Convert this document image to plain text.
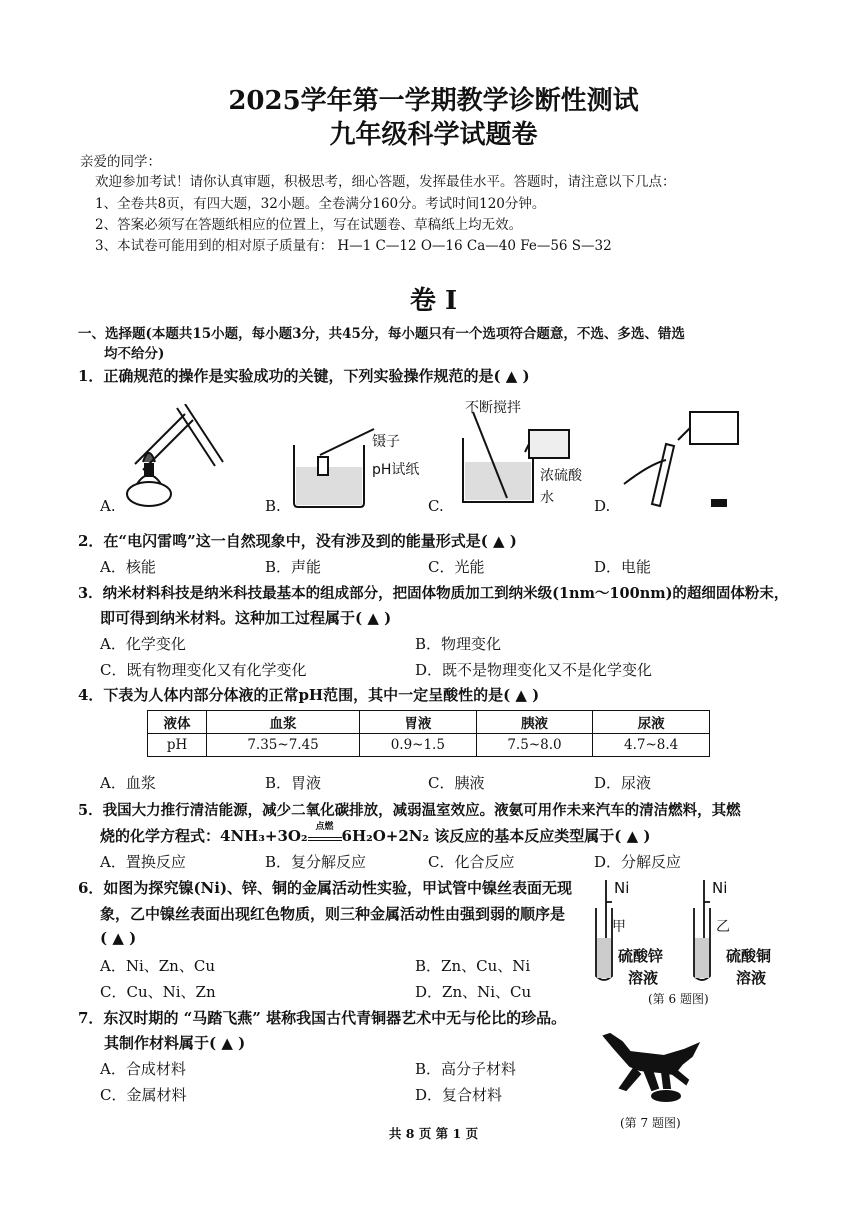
2025学年第一学期教学诊断性测试
九年级科学试题卷
亲爱的同学：
欢迎参加考试！请你认真审题，积极思考，细心答题，发挥最佳水平。答题时，请注意以下几点：
1、全卷共8页，有四大题，32小题。全卷满分160分。考试时间120分钟。
2、答案必须写在答题纸相应的位置上，写在试题卷、草稿纸上均无效。
3、本试卷可能用到的相对原子质量有： H—1 C—12 O—16 Ca—40 Fe—56 S—32
卷 I
一、选择题(本题共15小题，每小题3分，共45分，每小题只有一个选项符合题意，不选、多选、错选
均不给分)
1．正确规范的操作是实验成功的关键，下列实验操作规范的是( ▲ )
A.
镊子
pH试纸
B.
不断搅拌
浓硫酸
水
C.	D.
2．在“电闪雷鸣”这一自然现象中，没有涉及到的能量形式是( ▲ )
A．核能	B．声能	C．光能	D．电能
3．纳米材料科技是纳米科技最基本的组成部分，把固体物质加工到纳米级(1nm～100nm)的超细固体粉末，
即可得到纳米材料。这种加工过程属于( ▲ )
A．化学变化	B．物理变化
C．既有物理变化又有化学变化	D．既不是物理变化又不是化学变化
4．下表为人体内部分体液的正常pH范围，其中一定呈酸性的是( ▲ )
液体	血浆	胃液	胰液	尿液
pH	7.35~7.45	0.9~1.5	7.5~8.0	4.7~8.4
A．血浆	B．胃液	C．胰液	D．尿液
5．我国大力推行清洁能源，减少二氧化碳排放，减弱温室效应。液氨可用作未来汽车的清洁燃料，其燃
烧的化学方程式：4NH₃+3O₂ 点燃 6H₂O+2N₂ 该反应的基本反应类型属于( ▲ )
A．置换反应	B．复分解反应	C．化合反应	D．分解反应
6．如图为探究镍(Ni)、锌、铜的金属活动性实验，甲试管中镍丝表面无现
象，乙中镍丝表面出现红色物质，则三种金属活动性由强到弱的顺序是
( ▲ )
A．Ni、Zn、Cu	B．Zn、Cu、Ni
C．Cu、Ni、Zn	D．Zn、Ni、Cu
Ni	Ni
甲	乙
硫酸锌
溶液
硫酸铜
溶液
(第 6 题图)
7．东汉时期的 “马踏飞燕” 堪称我国古代青铜器艺术中无与伦比的珍品。
其制作材料属于( ▲ )
A．合成材料	B．高分子材料
C．金属材料	D．复合材料
(第 7 题图)
共 8 页 第 1 页
